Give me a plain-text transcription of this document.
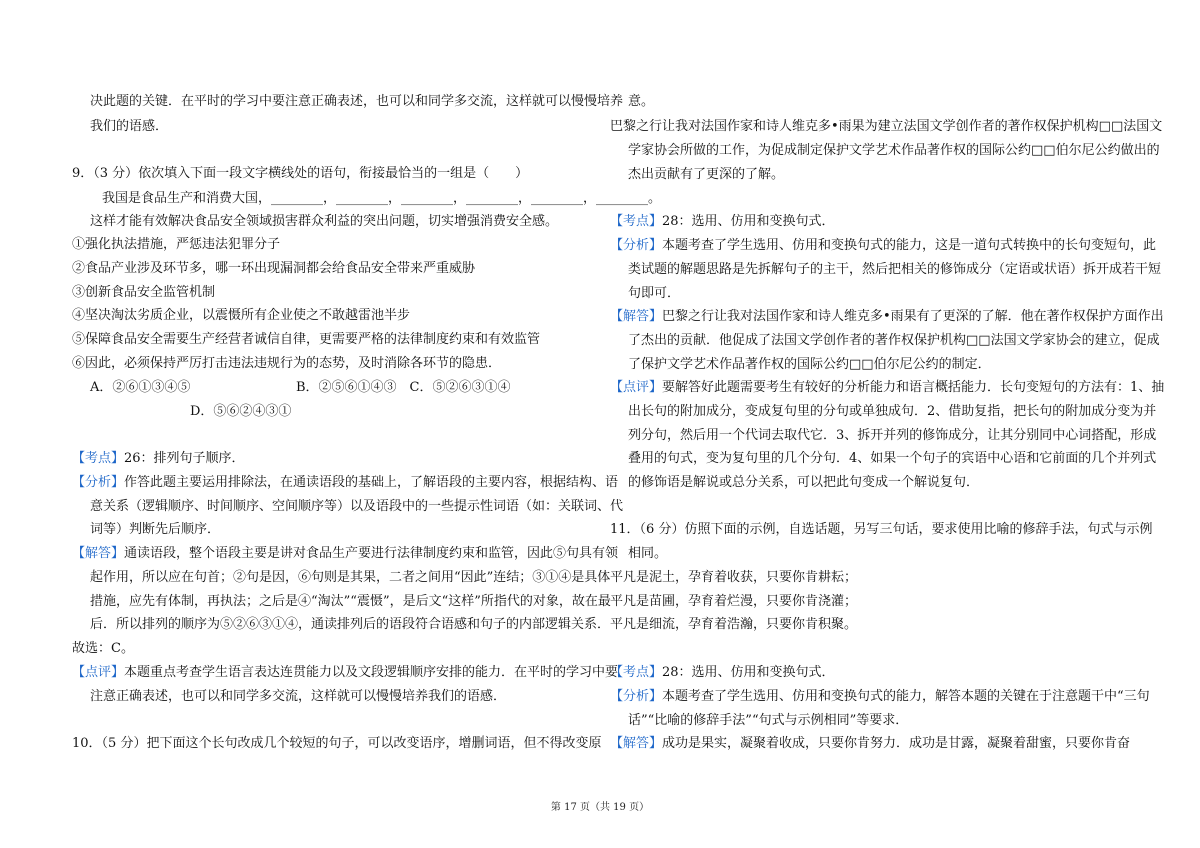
决此题的关键．在平时的学习中要注意正确表述，也可以和同学多交流，这样就可以慢慢培养
我们的语感．
9．（3 分）依次填入下面一段文字横线处的语句，衔接最恰当的一组是（　　）
我国是食品生产和消费大国，________，________，________，________，________，________。
这样才能有效解决食品安全领域损害群众利益的突出问题，切实增强消费安全感。
①强化执法措施，严惩违法犯罪分子
②食品产业涉及环节多，哪一环出现漏洞都会给食品安全带来严重威胁
③创新食品安全监管机制
④坚决淘汰劣质企业，以震慑所有企业使之不敢越雷池半步
⑤保障食品安全需要生产经营者诚信自律，更需要严格的法律制度约束和有效监管
⑥因此，必须保持严厉打击违法违规行为的态势，及时消除各环节的隐患．
A．②⑥①③④⑤	B．②⑤⑥①④③　C．⑤②⑥③①④
D．⑤⑥②④③①
【考点】26：排列句子顺序．
【分析】作答此题主要运用排除法，在通读语段的基础上，了解语段的主要内容，根据结构、语
意关系（逻辑顺序、时间顺序、空间顺序等）以及语段中的一些提示性词语（如：关联词、代
词等）判断先后顺序．
【解答】通读语段，整个语段主要是讲对食品生产要进行法律制度约束和监管，因此⑤句具有领
起作用，所以应在句首；②句是因，⑥句则是其果，二者之间用“因此”连结；③①④是具体
措施，应先有体制，再执法；之后是④“淘汰”“震慑”，是后文“这样”所指代的对象，故在最
后．所以排列的顺序为⑤②⑥③①④，通读排列后的语段符合语感和句子的内部逻辑关系．
故选：C。
【点评】本题重点考查学生语言表达连贯能力以及文段逻辑顺序安排的能力．在平时的学习中要
注意正确表述，也可以和同学多交流，这样就可以慢慢培养我们的语感．
10．（5 分）把下面这个长句改成几个较短的句子，可以改变语序，增删词语，但不得改变原
意。
巴黎之行让我对法国作家和诗人维克多•雨果为建立法国文学创作者的著作权保护机构□□法国文
学家协会所做的工作，为促成制定保护文学艺术作品著作权的国际公约□□伯尔尼公约做出的
杰出贡献有了更深的了解。
【考点】28：选用、仿用和变换句式．
【分析】本题考查了学生选用、仿用和变换句式的能力，这是一道句式转换中的长句变短句，此
类试题的解题思路是先拆解句子的主干，然后把相关的修饰成分（定语或状语）拆开成若干短
句即可．
【解答】巴黎之行让我对法国作家和诗人维克多•雨果有了更深的了解．他在著作权保护方面作出
了杰出的贡献．他促成了法国文学创作者的著作权保护机构□□法国文学家协会的建立，促成
了保护文学艺术作品著作权的国际公约□□伯尔尼公约的制定．
【点评】要解答好此题需要考生有较好的分析能力和语言概括能力．长句变短句的方法有：1、抽
出长句的附加成分，变成复句里的分句或单独成句．2、借助复指，把长句的附加成分变为并
列分句，然后用一个代词去取代它．3、拆开并列的修饰成分，让其分别同中心词搭配，形成
叠用的句式，变为复句里的几个分句．4、如果一个句子的宾语中心语和它前面的几个并列式
的修饰语是解说或总分关系，可以把此句变成一个解说复句．
11．（6 分）仿照下面的示例，自选话题，另写三句话，要求使用比喻的修辞手法，句式与示例
相同。
平凡是泥土，孕育着收获，只要你肯耕耘；
平凡是苗圃，孕育着烂漫，只要你肯浇灌；
平凡是细流，孕育着浩瀚，只要你肯积聚。
【考点】28：选用、仿用和变换句式．
【分析】本题考查了学生选用、仿用和变换句式的能力，解答本题的关键在于注意题干中“三句
话”“比喻的修辞手法”“句式与示例相同”等要求．
【解答】成功是果实，凝聚着收成，只要你肯努力．成功是甘露，凝聚着甜蜜，只要你肯奋
第 17 页（共 19 页）
